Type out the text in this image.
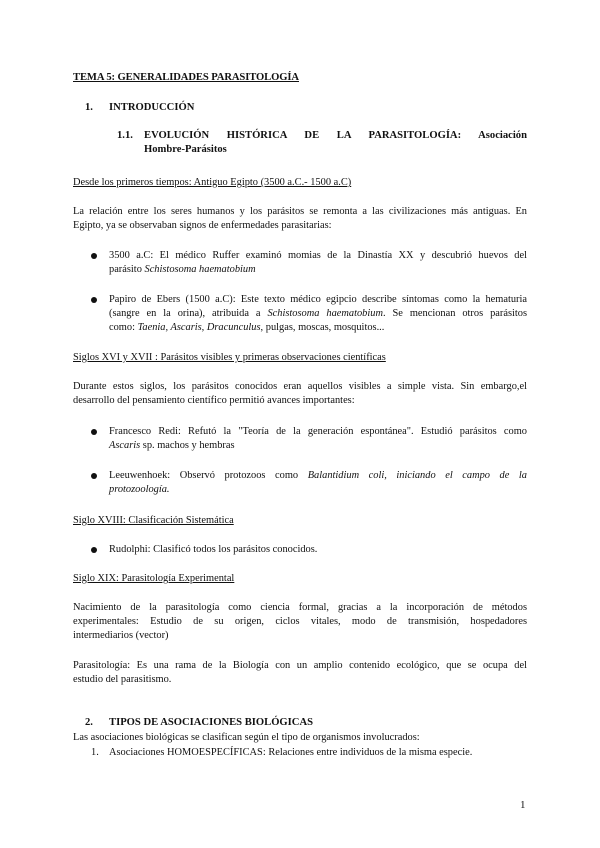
TEMA 5: GENERALIDADES PARASITOLOGÍA
1. INTRODUCCIÓN
1.1. EVOLUCIÓN HISTÓRICA DE LA PARASITOLOGÍA: Asociación
Hombre-Parásitos
Desde los primeros tiempos: Antiguo Egipto (3500 a.C.- 1500 a.C)
La relación entre los seres humanos y los parásitos se remonta a las civilizaciones más antiguas. En
Egipto, ya se observaban signos de enfermedades parasitarias:
3500 a.C: El médico Ruffer examinó momias de la Dinastía XX y descubrió huevos del
parásito Schistosoma haematobium
Papiro de Ebers (1500 a.C): Este texto médico egipcio describe síntomas como la hematuria
(sangre en la orina), atribuida a Schistosoma haematobium. Se mencionan otros parásitos
como: Taenia, Ascaris, Dracunculus, pulgas, moscas, mosquitos...
Siglos XVI y XVII : Parásitos visibles y primeras observaciones científicas
Durante estos siglos, los parásitos conocidos eran aquellos visibles a simple vista. Sin embargo,el
desarrollo del pensamiento científico permitió avances importantes:
Francesco Redi: Refutó la "Teoría de la generación espontánea". Estudió parásitos como
Ascaris sp. machos y hembras
Leeuwenhoek: Observó protozoos como Balantidium coli, iniciando el campo de la
protozoología.
Siglo XVIII: Clasificación Sistemática
Rudolphi: Clasificó todos los parásitos conocidos.
Siglo XIX: Parasitología Experimental
Nacimiento de la parasitología como ciencia formal, gracias a la incorporación de métodos
experimentales: Estudio de su origen, ciclos vitales, modo de transmisión, hospedadores
intermediarios (vector)
Parasitología: Es una rama de la Biología con un amplio contenido ecológico, que se ocupa del
estudio del parasitismo.
2. TIPOS DE ASOCIACIONES BIOLÓGICAS
Las asociaciones biológicas se clasifican según el tipo de organismos involucrados:
1. Asociaciones HOMOESPECÍFICAS: Relaciones entre individuos de la misma especie.
1
